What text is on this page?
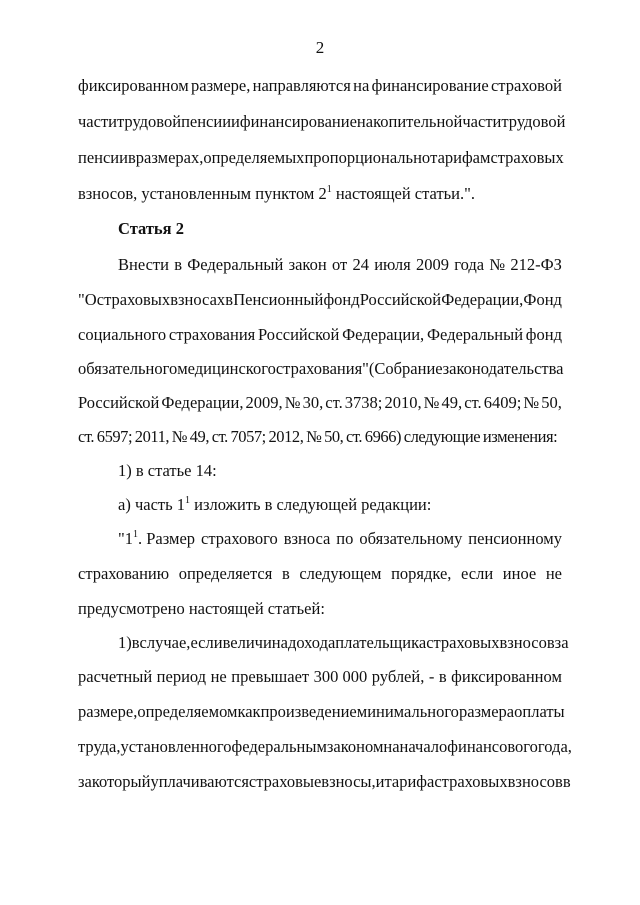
2
фиксированном размере, направляются на финансирование страховой
части трудовой пенсии и финансирование накопительной части трудовой
пенсии в размерах, определяемых пропорционально тарифам страховых
взносов, установленным пунктом $2^1$ настоящей статьи.".
Статья 2
Внести в Федеральный закон от 24 июля 2009 года № 212-ФЗ
"О страховых взносах в Пенсионный фонд Российской Федерации, Фонд
социального страхования Российской Федерации, Федеральный фонд
обязательного медицинского страхования" (Собрание законодательства
Российской Федерации, 2009, № 30, ст. 3738; 2010, № 49, ст. 6409; № 50,
ст. 6597; 2011, № 49, ст. 7057; 2012, № 50, ст. 6966) следующие изменения:
1) в статье 14:
а) часть $1^1$ изложить в следующей редакции:
"$1^1$. Размер страхового взноса по обязательному пенсионному
страхованию определяется в следующем порядке, если иное не
предусмотрено настоящей статьей:
1) в случае, если величина дохода плательщика страховых взносов за
расчетный период не превышает 300 000 рублей, - в фиксированном
размере, определяемом как произведение минимального размера оплаты
труда, установленного федеральным законом на начало финансового года,
за который уплачиваются страховые взносы, и тарифа страховых взносов в
